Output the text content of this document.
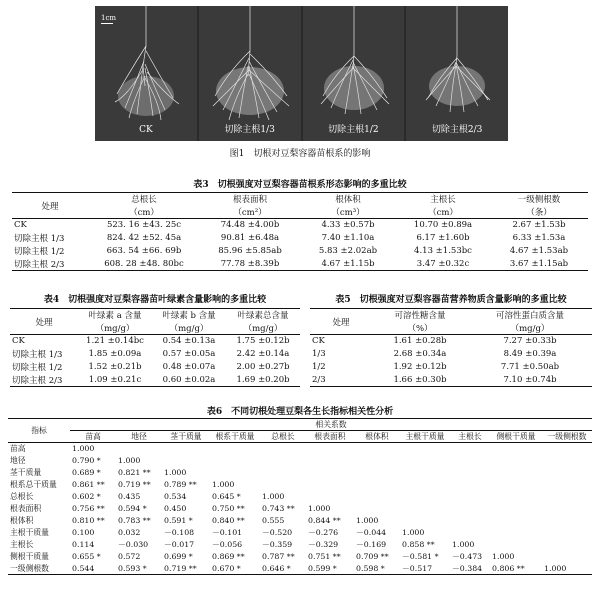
1cm
CK	切除主根1/3	切除主根1/2	切除主根2/3
图1　切根对豆梨容器苗根系的影响
表3　切根强度对豆梨容器苗根系形态影响的多重比较
处理	总根长	根表面积	根体积	主根长	一级侧根数
	（cm）	（cm²）	（cm³）	（cm）	（条）
CK	523. 16 ±43. 25c	74.48 ±4.00b	4.33 ±0.57b	10.70 ±0.89a	2.67 ±1.53b
切除主根 1/3	824. 42 ±52. 45a	90.81 ±6.48a	7.40 ±1.10a	6.17 ±1.60b	6.33 ±1.53a
切除主根 1/2	663. 54 ±66. 69b	85.96 ±5.85ab	5.83 ±2.02ab	4.13 ±1.53bc	4.67 ±1.53ab
切除主根 2/3	608. 28 ±48. 80bc	77.78 ±8.39b	4.67 ±1.15b	3.47 ±0.32c	3.67 ±1.15ab
表4　切根强度对豆梨容器苗叶绿素含量影响的多重比较
处理	叶绿素 a 含量	叶绿素 b 含量	叶绿素总含量
	（mg/g）	（mg/g）	（mg/g）
CK	1.21 ±0.14bc	0.54 ±0.13a	1.75 ±0.12b
切除主根 1/3	1.85 ±0.09a	0.57 ±0.05a	2.42 ±0.14a
切除主根 1/2	1.52 ±0.21b	0.48 ±0.07a	2.00 ±0.27b
切除主根 2/3	1.09 ±0.21c	0.60 ±0.02a	1.69 ±0.20b
表5　切根强度对豆梨容器苗营养物质含量影响的多重比较
处理	可溶性糖含量	可溶性蛋白质含量
	（%）	（mg/g）
CK	1.61 ±0.28b	7.27 ±0.33b
1/3	2.68 ±0.34a	8.49 ±0.39a
1/2	1.92 ±0.12b	7.71 ±0.50ab
2/3	1.66 ±0.30b	7.10 ±0.74b
表6　不同切根处理豆梨各生长指标相关性分析
指标	相关系数										
	苗高	地径	茎干质量	根系干质量	总根长	根表面积	根体积	主根干质量	主根长	侧根干质量	一级侧根数
苗高	1.000										
地径	0.790 *	1.000									
茎干质量	0.689 *	0.821 **	1.000								
根系总干质量	0.861 **	0.719 **	0.789 **	1.000							
总根长	0.602 *	0.435	0.534	0.645 *	1.000						
根表面积	0.756 **	0.594 *	0.450	0.750 **	0.743 **	1.000					
根体积	0.810 **	0.783 **	0.591 *	0.840 **	0.555	0.844 **	1.000				
主根干质量	0.100	0.032	－0.108	－0.101	－0.520	－0.276	－0.044	1.000			
主根长	0.114	－0.030	－0.017	－0.056	－0.359	－0.329	－0.169	0.858 **	1.000		
侧根干质量	0.655 *	0.572	0.699 *	0.869 **	0.787 **	0.751 **	0.709 **	－0.581 *	－0.473	1.000	
一级侧根数	0.544	0.593 *	0.719 **	0.670 *	0.646 *	0.599 *	0.598 *	－0.517	－0.384	0.806 **	1.000
